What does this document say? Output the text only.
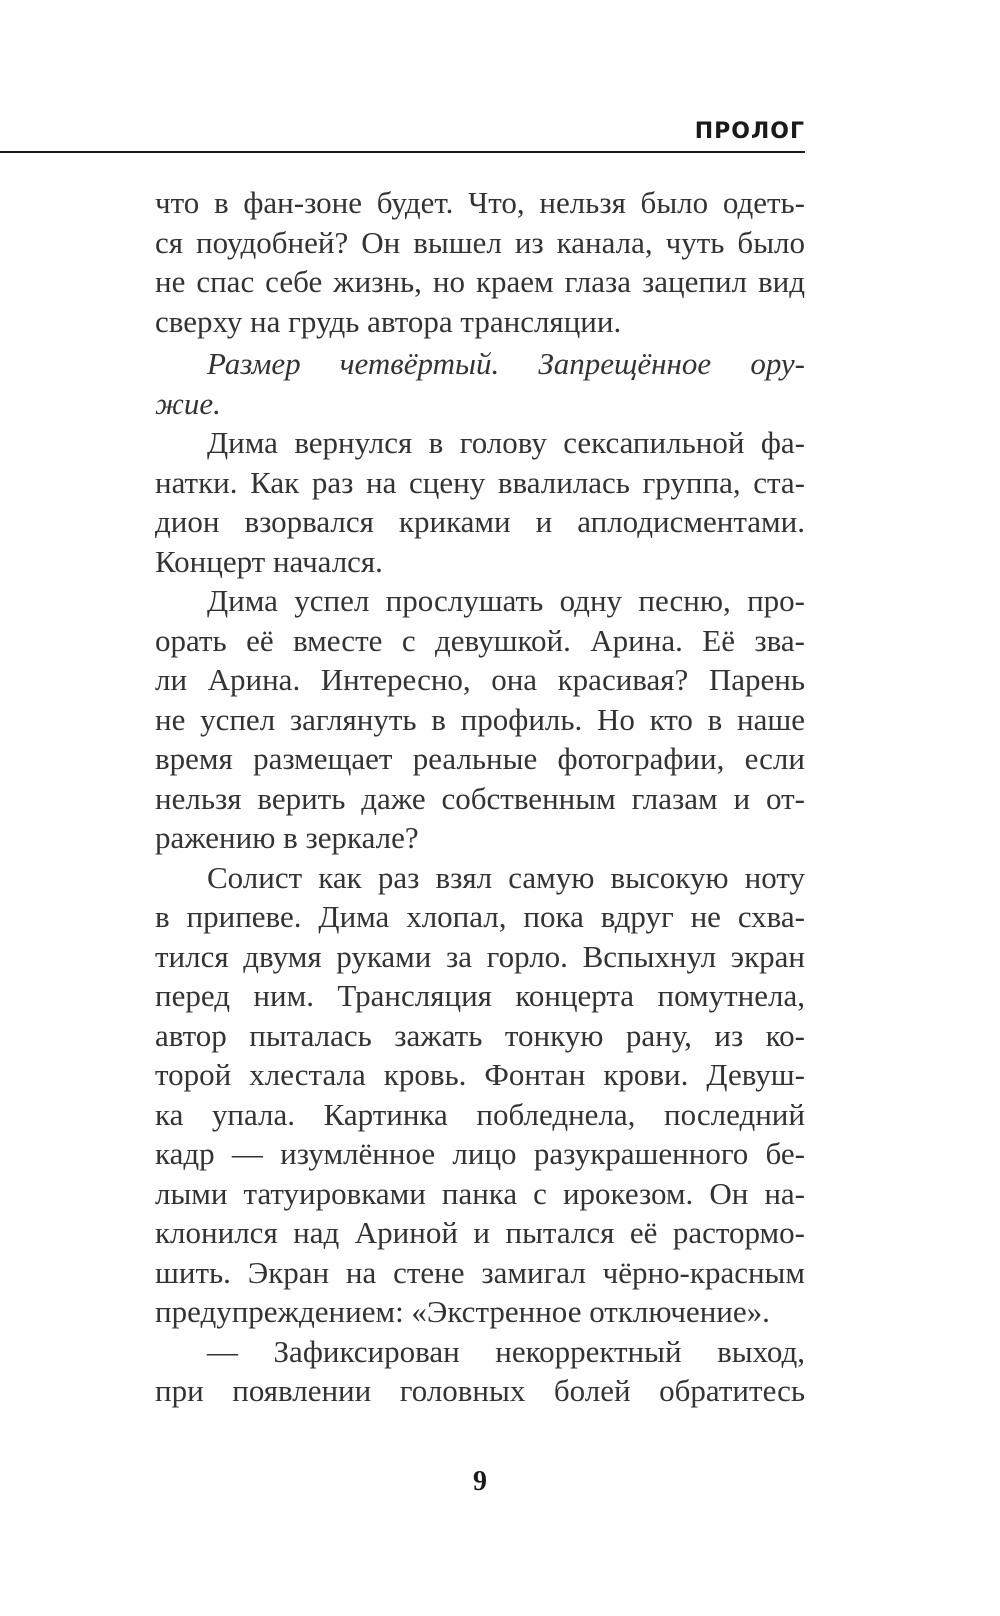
ПРОЛОГ
что в фан-зоне будет. Что, нельзя было одеть-
ся поудобней? Он вышел из канала, чуть было
не спас себе жизнь, но краем глаза зацепил вид
сверху на грудь автора трансляции.
Размер четвёртый. Запрещённое ору-
жие.
Дима вернулся в голову сексапильной фа-
натки. Как раз на сцену ввалилась группа, ста-
дион взорвался криками и аплодисментами.
Концерт начался.
Дима успел прослушать одну песню, про-
орать её вместе с девушкой. Арина. Её зва-
ли Арина. Интересно, она красивая? Парень
не успел заглянуть в профиль. Но кто в наше
время размещает реальные фотографии, если
нельзя верить даже собственным глазам и от-
ражению в зеркале?
Солист как раз взял самую высокую ноту
в припеве. Дима хлопал, пока вдруг не схва-
тился двумя руками за горло. Вспыхнул экран
перед ним. Трансляция концерта помутнела,
автор пыталась зажать тонкую рану, из ко-
торой хлестала кровь. Фонтан крови. Девуш-
ка упала. Картинка побледнела, последний
кадр — изумлённое лицо разукрашенного бе-
лыми татуировками панка с ирокезом. Он на-
клонился над Ариной и пытался её растормо-
шить. Экран на стене замигал чёрно-красным
предупреждением: «Экстренное отключение».
— Зафиксирован некорректный выход,
при появлении головных болей обратитесь
9
